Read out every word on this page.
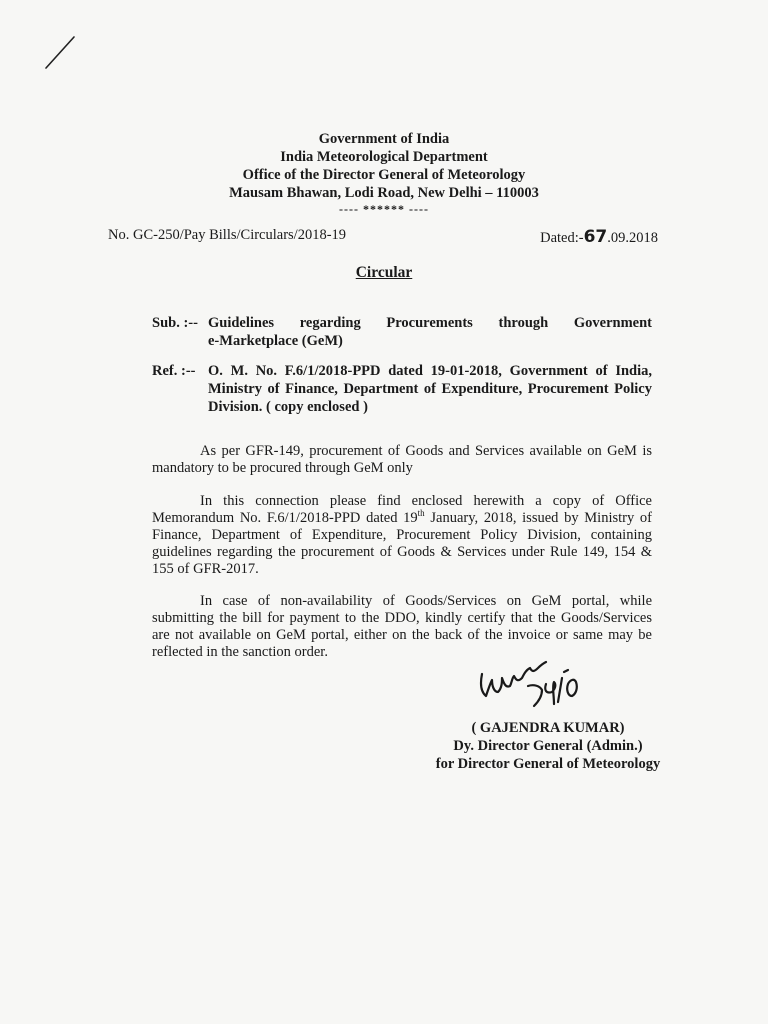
Government of India
India Meteorological Department
Office of the Director General of Meteorology
Mausam Bhawan, Lodi Road, New Delhi – 110003
---- ****** ----
No. GC-250/Pay Bills/Circulars/2018-19	Dated:-67.09.2018
Circular
Sub. :-- Guidelines regarding Procurements through Government
e-Marketplace (GeM)
Ref. :-- O. M. No. F.6/1/2018-PPD dated 19-01-2018, Government of India, Ministry of Finance, Department of Expenditure, Procurement Policy Division. ( copy enclosed )
As per GFR-149, procurement of Goods and Services available on GeM is mandatory to be procured through GeM only
In this connection please find enclosed herewith a copy of Office Memorandum No. F.6/1/2018-PPD dated 19th January, 2018, issued by Ministry of Finance, Department of Expenditure, Procurement Policy Division, containing guidelines regarding the procurement of Goods & Services under Rule 149, 154 & 155 of GFR-2017.
In case of non-availability of Goods/Services on GeM portal, while submitting the bill for payment to the DDO, kindly certify that the Goods/Services are not available on GeM portal, either on the back of the invoice or same may be reflected in the sanction order.
( GAJENDRA KUMAR)
Dy. Director General (Admin.)
for Director General of Meteorology
